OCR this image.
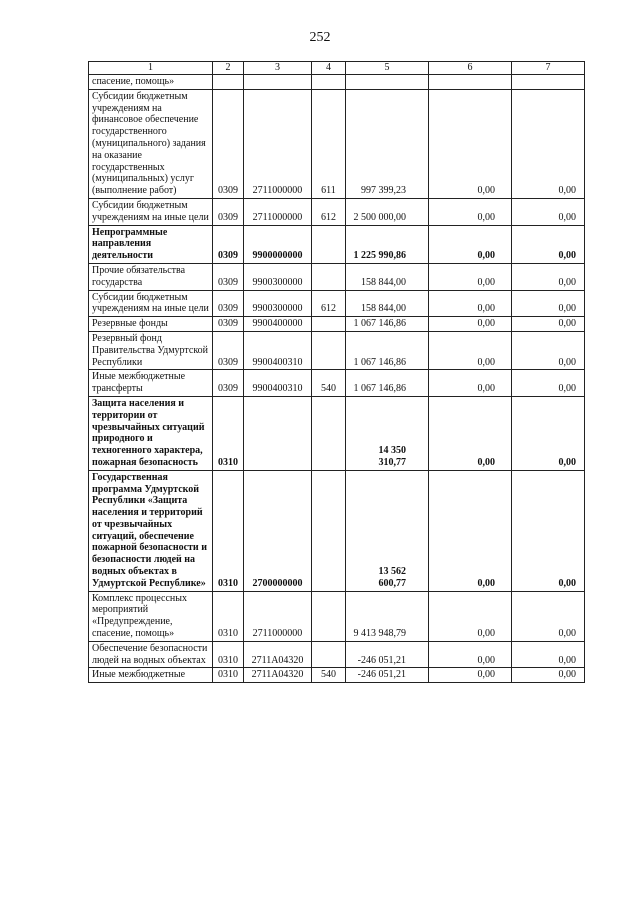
252
1	2	3	4	5	6	7
спасение, помощь»						
Субсидии бюджетным учреждениям на финансовое обеспечение государственного (муниципального) задания на оказание государственных (муниципальных) услуг (выполнение работ)	0309	2711000000	611	997 399,23	0,00	0,00
Субсидии бюджетным учреждениям на иные цели	0309	2711000000	612	2 500 000,00	0,00	0,00
Непрограммные направления деятельности	0309	9900000000		1 225 990,86	0,00	0,00
Прочие обязательства государства	0309	9900300000		158 844,00	0,00	0,00
Субсидии бюджетным учреждениям на иные цели	0309	9900300000	612	158 844,00	0,00	0,00
Резервные фонды	0309	9900400000		1 067 146,86	0,00	0,00
Резервный фонд Правительства Удмуртской Республики	0309	9900400310		1 067 146,86	0,00	0,00
Иные межбюджетные трансферты	0309	9900400310	540	1 067 146,86	0,00	0,00
Защита населения и территории от чрезвычайных ситуаций природного и техногенного характера, пожарная безопасность	0310			14 350 310,77	0,00	0,00
Государственная программа Удмуртской Республики «Защита населения и территорий от чрезвычайных ситуаций, обеспечение пожарной безопасности и безопасности людей на водных объектах в Удмуртской Республике»	0310	2700000000		13 562 600,77	0,00	0,00
Комплекс процессных мероприятий «Предупреждение, спасение, помощь»	0310	2711000000		9 413 948,79	0,00	0,00
Обеспечение безопасности людей на водных объектах	0310	2711A04320		-246 051,21	0,00	0,00
Иные межбюджетные	0310	2711A04320	540	-246 051,21	0,00	0,00
